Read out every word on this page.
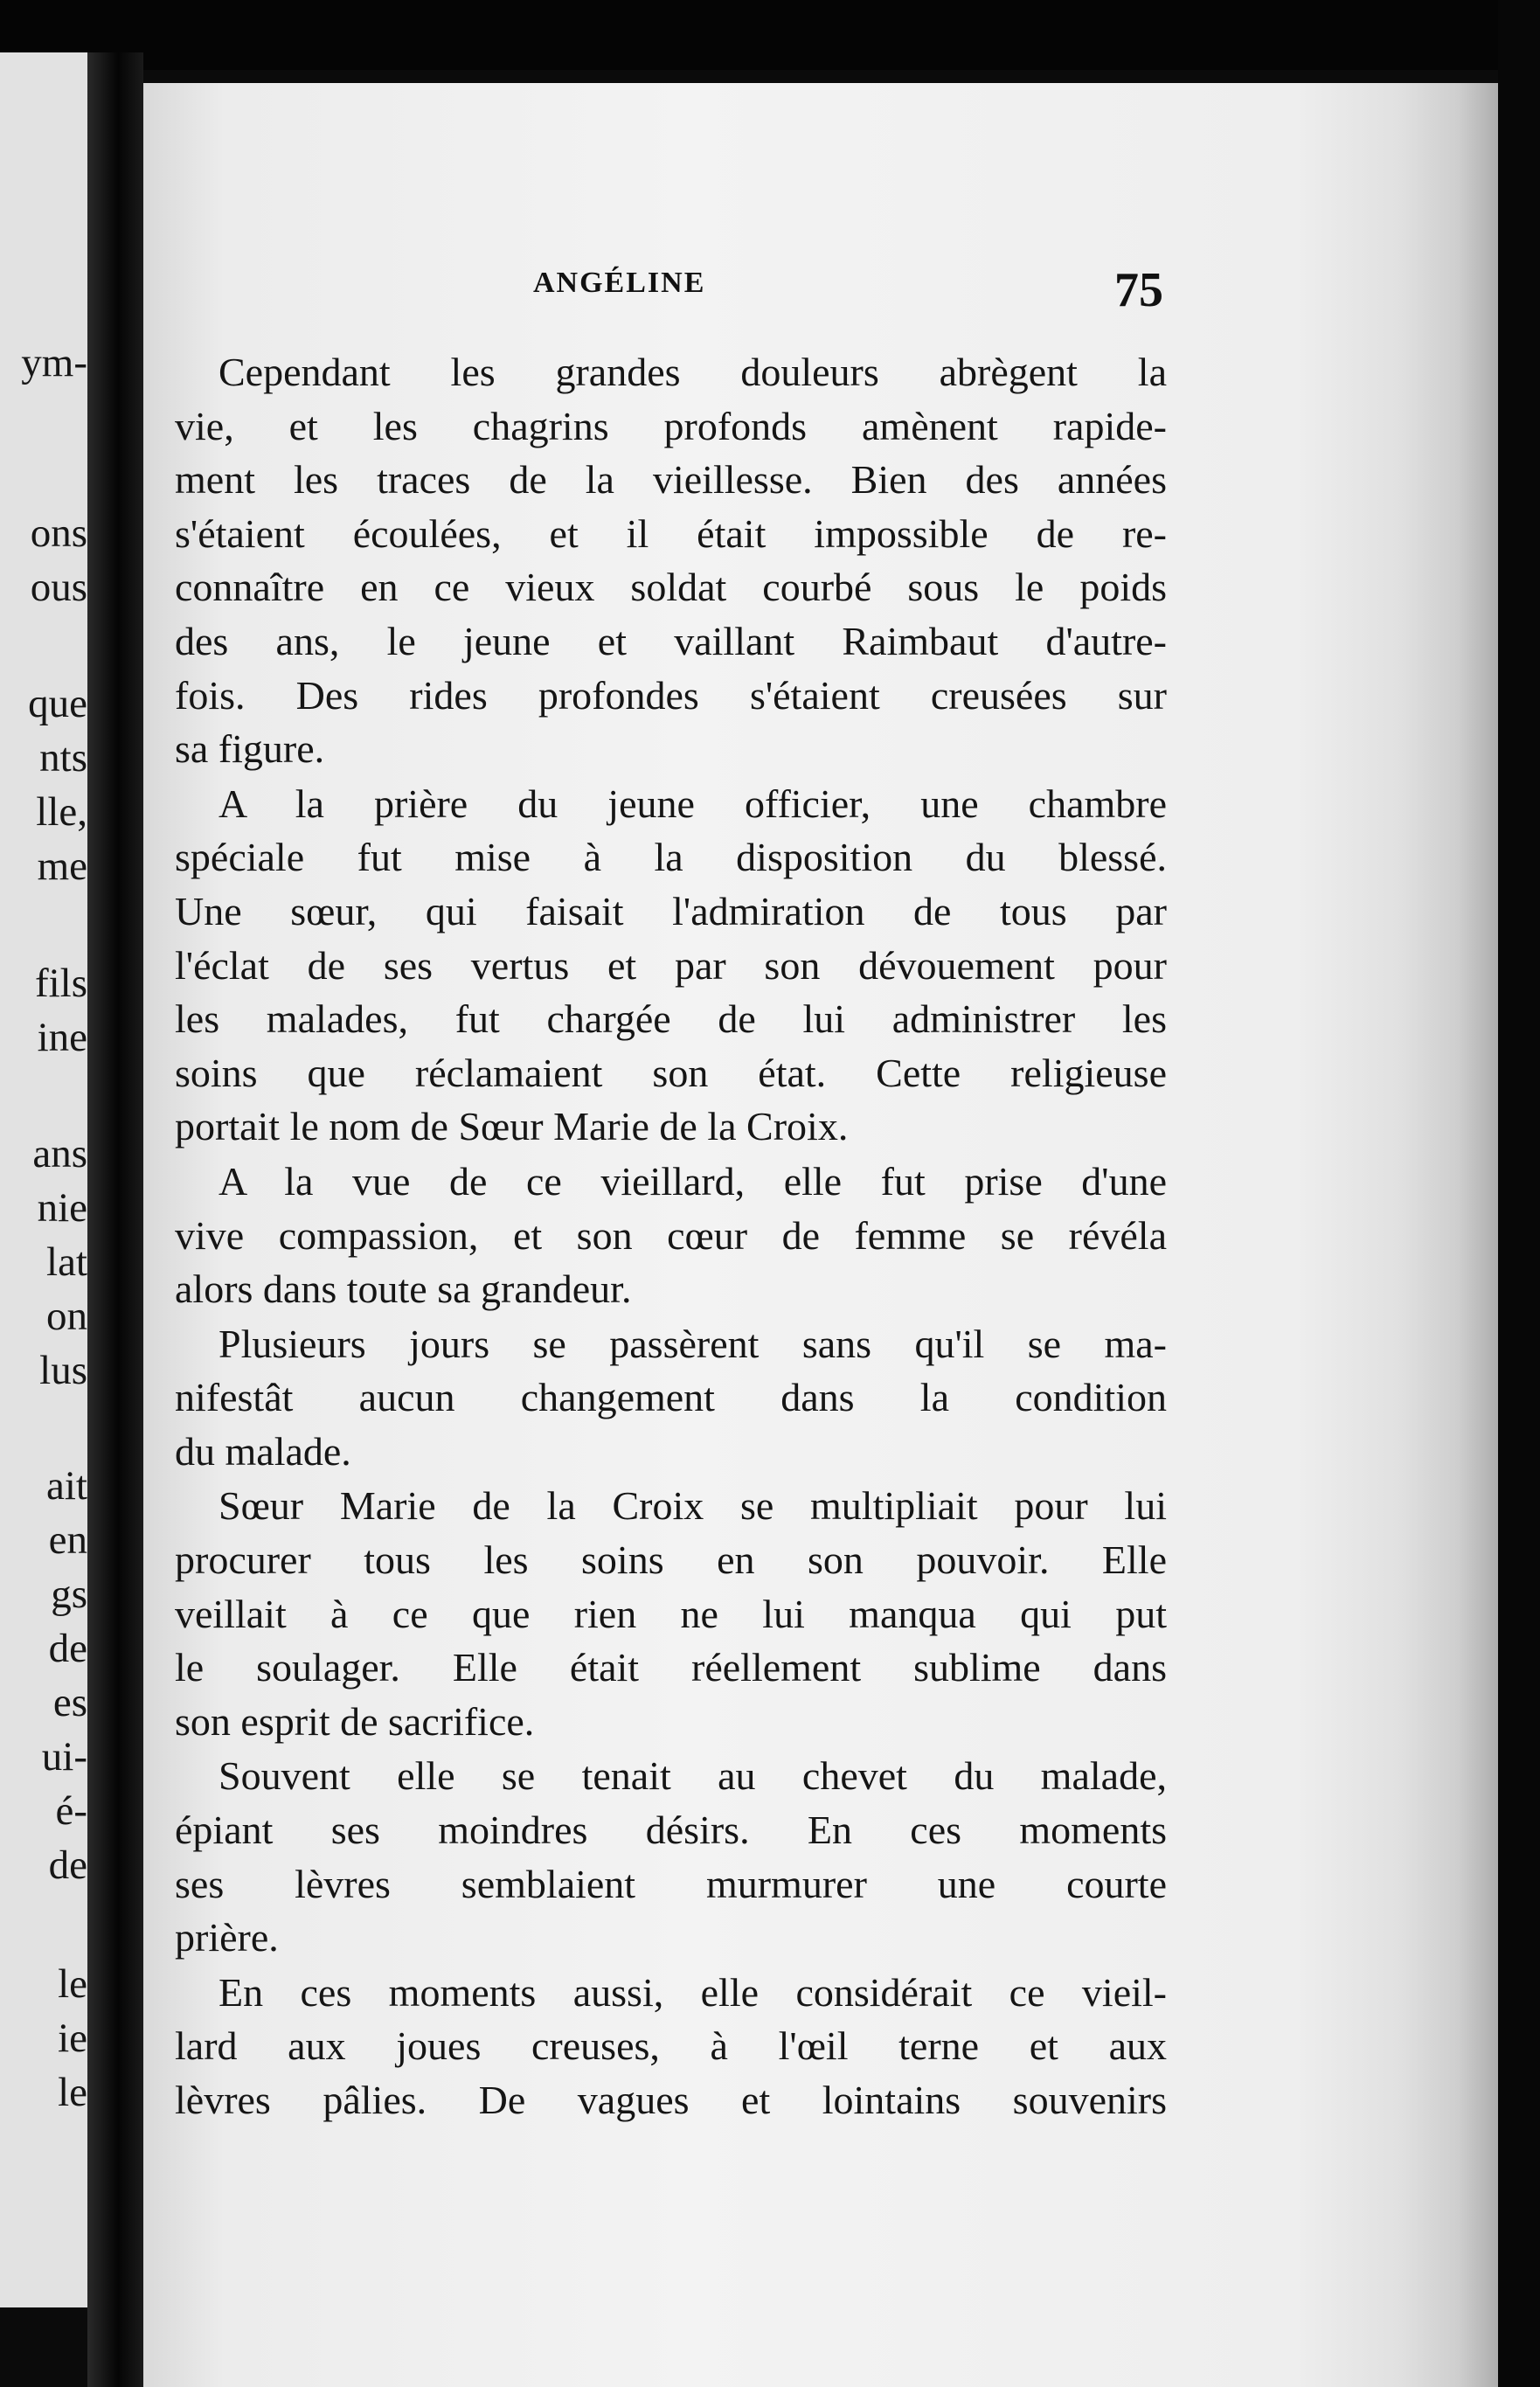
ym-
ons
ous
que
nts
lle,
me
fils
ine
ans
nie
lat
on
lus
ait
en
gs
de
es
ui-
é-
de
le
ie
le
ANGÉLINE	75
Cependant les grandes douleurs abrègent la
vie, et les chagrins profonds amènent rapide-
ment les traces de la vieillesse. Bien des années
s'étaient écoulées, et il était impossible de re-
connaître en ce vieux soldat courbé sous le poids
des ans, le jeune et vaillant Raimbaut d'autre-
fois. Des rides profondes s'étaient creusées sur
sa figure.
A la prière du jeune officier, une chambre
spéciale fut mise à la disposition du blessé.
Une sœur, qui faisait l'admiration de tous par
l'éclat de ses vertus et par son dévouement pour
les malades, fut chargée de lui administrer les
soins que réclamaient son état. Cette religieuse
portait le nom de Sœur Marie de la Croix.
A la vue de ce vieillard, elle fut prise d'une
vive compassion, et son cœur de femme se révéla
alors dans toute sa grandeur.
Plusieurs jours se passèrent sans qu'il se ma-
nifestât aucun changement dans la condition
du malade.
Sœur Marie de la Croix se multipliait pour lui
procurer tous les soins en son pouvoir. Elle
veillait à ce que rien ne lui manqua qui put
le soulager. Elle était réellement sublime dans
son esprit de sacrifice.
Souvent elle se tenait au chevet du malade,
épiant ses moindres désirs. En ces moments
ses lèvres semblaient murmurer une courte
prière.
En ces moments aussi, elle considérait ce vieil-
lard aux joues creuses, à l'œil terne et aux
lèvres pâlies. De vagues et lointains souvenirs
